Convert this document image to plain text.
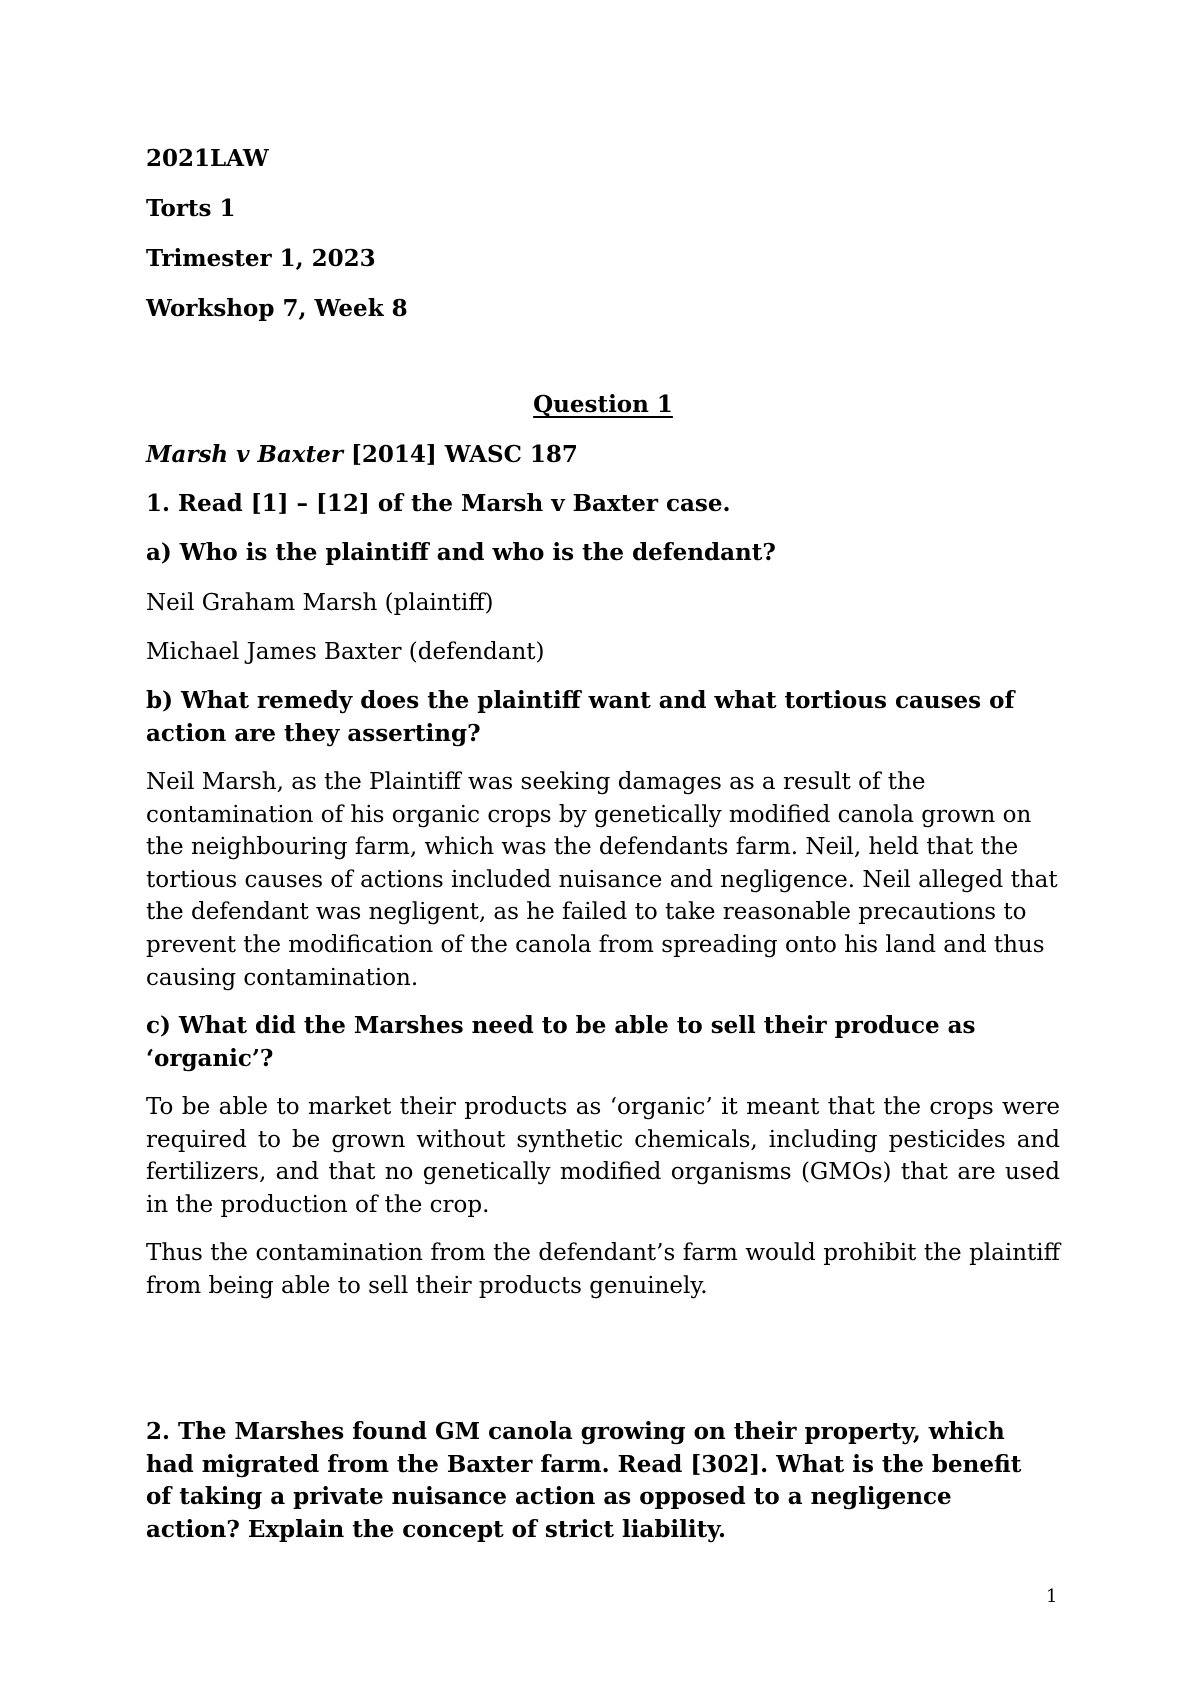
2021LAW
Torts 1
Trimester 1, 2023
Workshop 7, Week 8
Question 1
Marsh v Baxter [2014] WASC 187
1. Read [1] – [12] of the Marsh v Baxter case.
a) Who is the plaintiff and who is the defendant?
Neil Graham Marsh (plaintiff)
Michael James Baxter (defendant)
b) What remedy does the plaintiff want and what tortious causes of action are they asserting?
Neil Marsh, as the Plaintiff was seeking damages as a result of the contamination of his organic crops by genetically modified canola grown on the neighbouring farm, which was the defendants farm. Neil, held that the tortious causes of actions included nuisance and negligence. Neil alleged that the defendant was negligent, as he failed to take reasonable precautions to prevent the modification of the canola from spreading onto his land and thus causing contamination.
c) What did the Marshes need to be able to sell their produce as ‘organic’?
To be able to market their products as ‘organic’ it meant that the crops were required to be grown without synthetic chemicals, including pesticides and fertilizers, and that no genetically modified organisms (GMOs) that are used in the production of the crop.
Thus the contamination from the defendant’s farm would prohibit the plaintiff from being able to sell their products genuinely.
2. The Marshes found GM canola growing on their property, which had migrated from the Baxter farm. Read [302]. What is the benefit of taking a private nuisance action as opposed to a negligence action? Explain the concept of strict liability.
1
